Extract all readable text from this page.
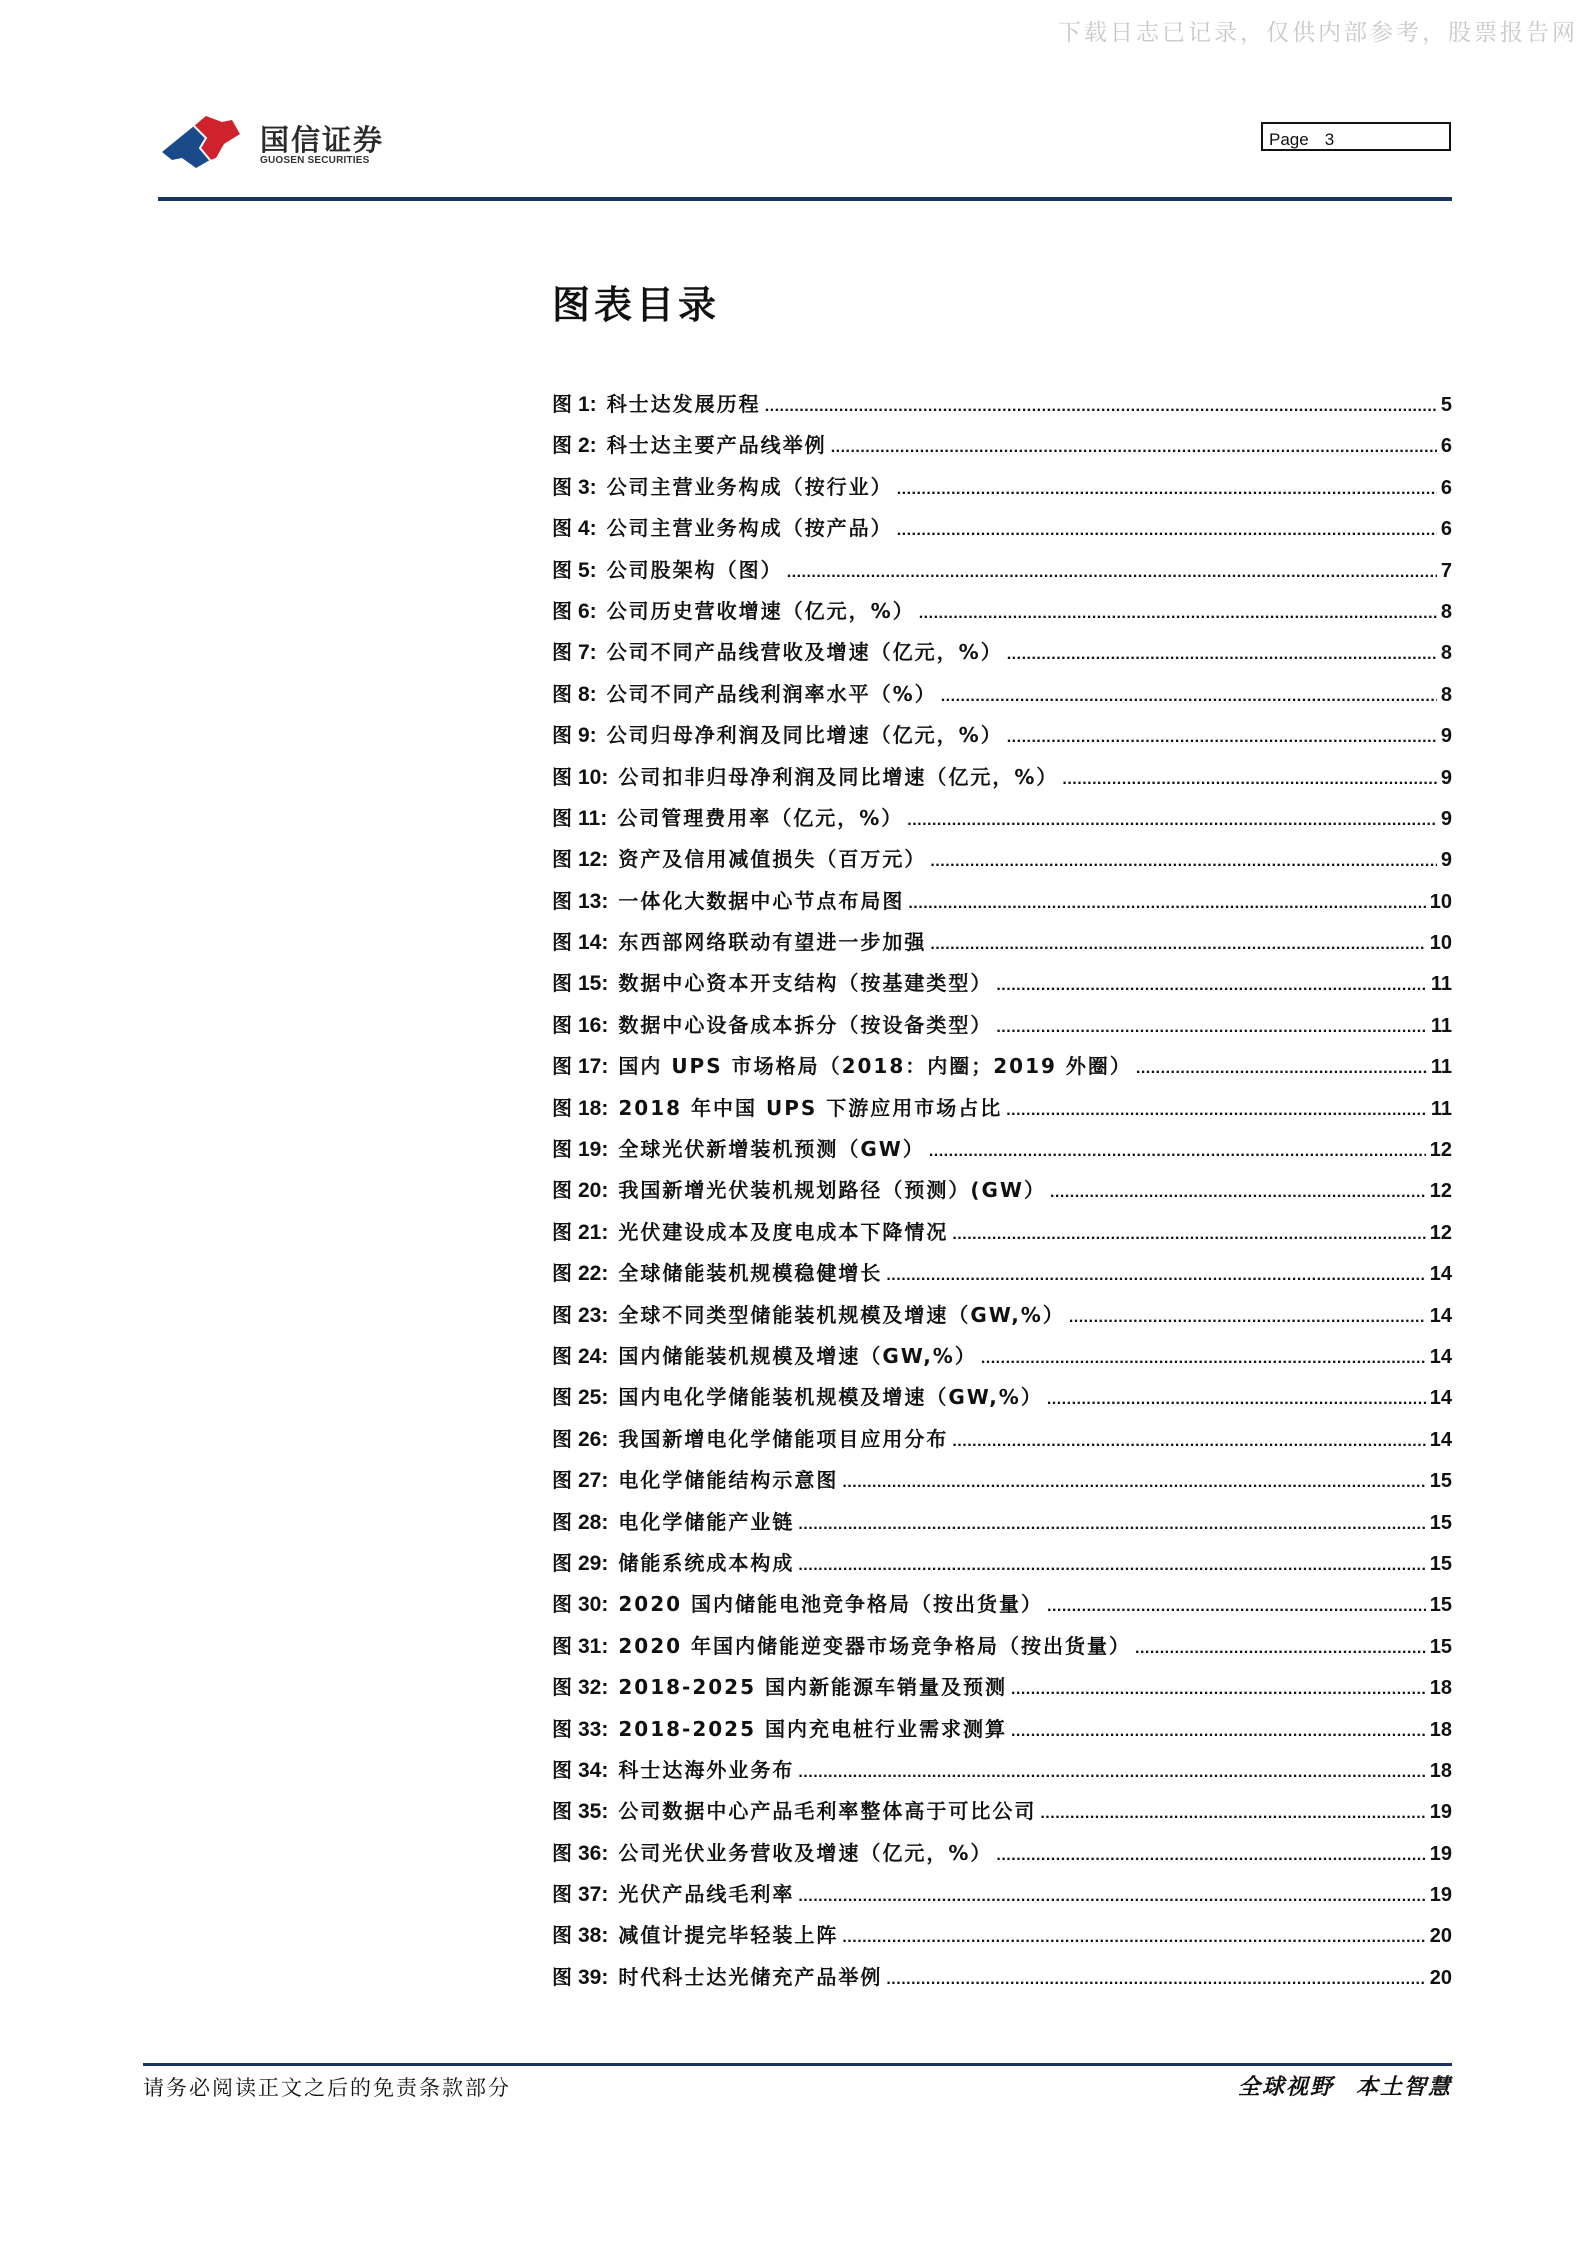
下载日志已记录，仅供内部参考，股票报告网
国信证券
GUOSEN SECURITIES
Page 3
图表目录
图 1: 科士达发展历程 .....	5
图 2: 科士达主要产品线举例 .....	6
图 3: 公司主营业务构成（按行业） .....	6
图 4: 公司主营业务构成（按产品） .....	6
图 5: 公司股架构（图） .....	7
图 6: 公司历史营收增速（亿元，%） .....	8
图 7: 公司不同产品线营收及增速（亿元，%） .....	8
图 8: 公司不同产品线利润率水平（%） .....	8
图 9: 公司归母净利润及同比增速（亿元，%） .....	9
图 10: 公司扣非归母净利润及同比增速（亿元，%） .....	9
图 11: 公司管理费用率（亿元，%） .....	9
图 12: 资产及信用减值损失（百万元） .....	9
图 13: 一体化大数据中心节点布局图 .....	10
图 14: 东西部网络联动有望进一步加强 .....	10
图 15: 数据中心资本开支结构（按基建类型） .....	11
图 16: 数据中心设备成本拆分（按设备类型） .....	11
图 17: 国内 UPS 市场格局（2018：内圈；2019 外圈） .....	11
图 18: 2018 年中国 UPS 下游应用市场占比 .....	11
图 19: 全球光伏新增装机预测（GW） .....	12
图 20: 我国新增光伏装机规划路径（预测）(GW） .....	12
图 21: 光伏建设成本及度电成本下降情况 .....	12
图 22: 全球储能装机规模稳健增长 .....	14
图 23: 全球不同类型储能装机规模及增速（GW,%） .....	14
图 24: 国内储能装机规模及增速（GW,%） .....	14
图 25: 国内电化学储能装机规模及增速（GW,%） .....	14
图 26: 我国新增电化学储能项目应用分布 .....	14
图 27: 电化学储能结构示意图 .....	15
图 28: 电化学储能产业链 .....	15
图 29: 储能系统成本构成 .....	15
图 30: 2020 国内储能电池竞争格局（按出货量） .....	15
图 31: 2020 年国内储能逆变器市场竞争格局（按出货量） .....	15
图 32: 2018-2025 国内新能源车销量及预测 .....	18
图 33: 2018-2025 国内充电桩行业需求测算 .....	18
图 34: 科士达海外业务布 .....	18
图 35: 公司数据中心产品毛利率整体高于可比公司 .....	19
图 36: 公司光伏业务营收及增速（亿元，%） .....	19
图 37: 光伏产品线毛利率 .....	19
图 38: 减值计提完毕轻装上阵 .....	20
图 39: 时代科士达光储充产品举例 .....	20
请务必阅读正文之后的免责条款部分	全球视野 本土智慧
